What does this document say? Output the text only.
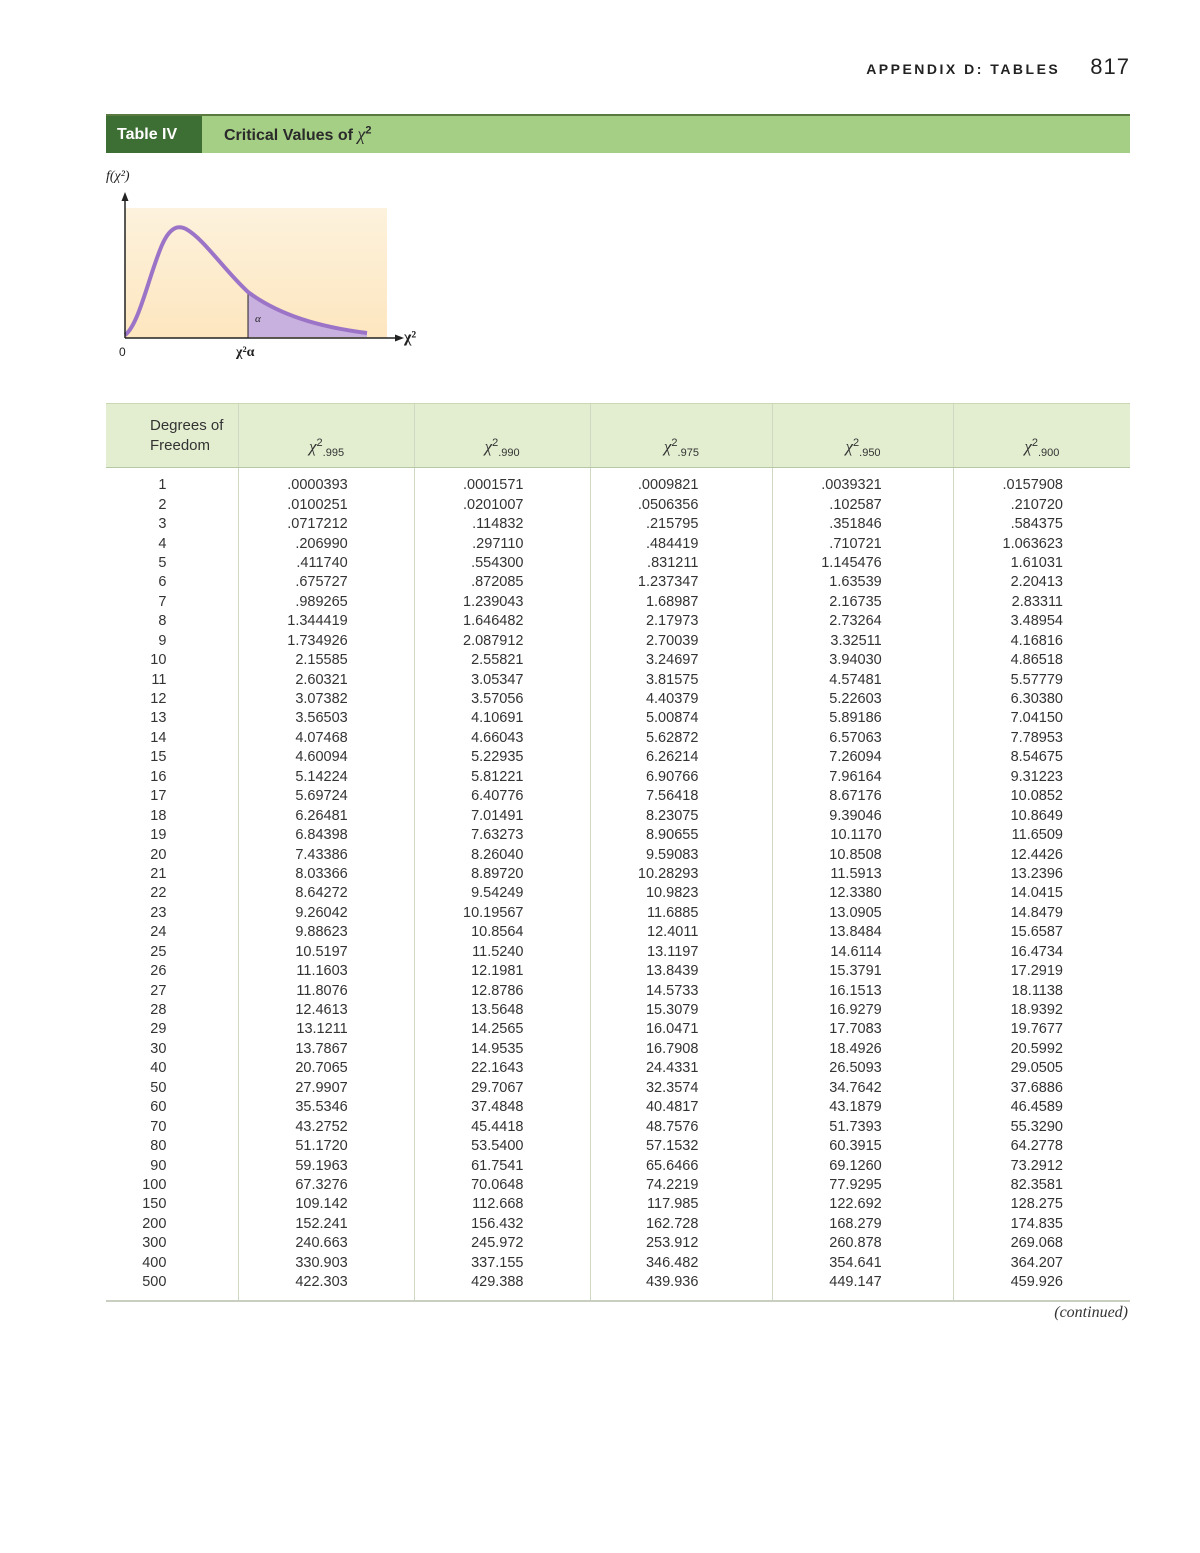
APPENDIX D: TABLES 817
Table IV	Critical Values of $\chi^2$
f(χ²)
χ²
0	χ²α
α
Degrees of
Freedom	$\chi^2_{.995}$	$\chi^2_{.990}$	$\chi^2_{.975}$	$\chi^2_{.950}$	$\chi^2_{.900}$
1	.0000393	.0001571	.0009821	.0039321	.0157908
2	.0100251	.0201007	.0506356	.102587	.210720
3	.0717212	.114832	.215795	.351846	.584375
4	.206990	.297110	.484419	.710721	1.063623
5	.411740	.554300	.831211	1.145476	1.61031
6	.675727	.872085	1.237347	1.63539	2.20413
7	.989265	1.239043	1.68987	2.16735	2.83311
8	1.344419	1.646482	2.17973	2.73264	3.48954
9	1.734926	2.087912	2.70039	3.32511	4.16816
10	2.15585	2.55821	3.24697	3.94030	4.86518
11	2.60321	3.05347	3.81575	4.57481	5.57779
12	3.07382	3.57056	4.40379	5.22603	6.30380
13	3.56503	4.10691	5.00874	5.89186	7.04150
14	4.07468	4.66043	5.62872	6.57063	7.78953
15	4.60094	5.22935	6.26214	7.26094	8.54675
16	5.14224	5.81221	6.90766	7.96164	9.31223
17	5.69724	6.40776	7.56418	8.67176	10.0852
18	6.26481	7.01491	8.23075	9.39046	10.8649
19	6.84398	7.63273	8.90655	10.1170	11.6509
20	7.43386	8.26040	9.59083	10.8508	12.4426
21	8.03366	8.89720	10.28293	11.5913	13.2396
22	8.64272	9.54249	10.9823	12.3380	14.0415
23	9.26042	10.19567	11.6885	13.0905	14.8479
24	9.88623	10.8564	12.4011	13.8484	15.6587
25	10.5197	11.5240	13.1197	14.6114	16.4734
26	11.1603	12.1981	13.8439	15.3791	17.2919
27	11.8076	12.8786	14.5733	16.1513	18.1138
28	12.4613	13.5648	15.3079	16.9279	18.9392
29	13.1211	14.2565	16.0471	17.7083	19.7677
30	13.7867	14.9535	16.7908	18.4926	20.5992
40	20.7065	22.1643	24.4331	26.5093	29.0505
50	27.9907	29.7067	32.3574	34.7642	37.6886
60	35.5346	37.4848	40.4817	43.1879	46.4589
70	43.2752	45.4418	48.7576	51.7393	55.3290
80	51.1720	53.5400	57.1532	60.3915	64.2778
90	59.1963	61.7541	65.6466	69.1260	73.2912
100	67.3276	70.0648	74.2219	77.9295	82.3581
150	109.142	112.668	117.985	122.692	128.275
200	152.241	156.432	162.728	168.279	174.835
300	240.663	245.972	253.912	260.878	269.068
400	330.903	337.155	346.482	354.641	364.207
500	422.303	429.388	439.936	449.147	459.926
(continued)
